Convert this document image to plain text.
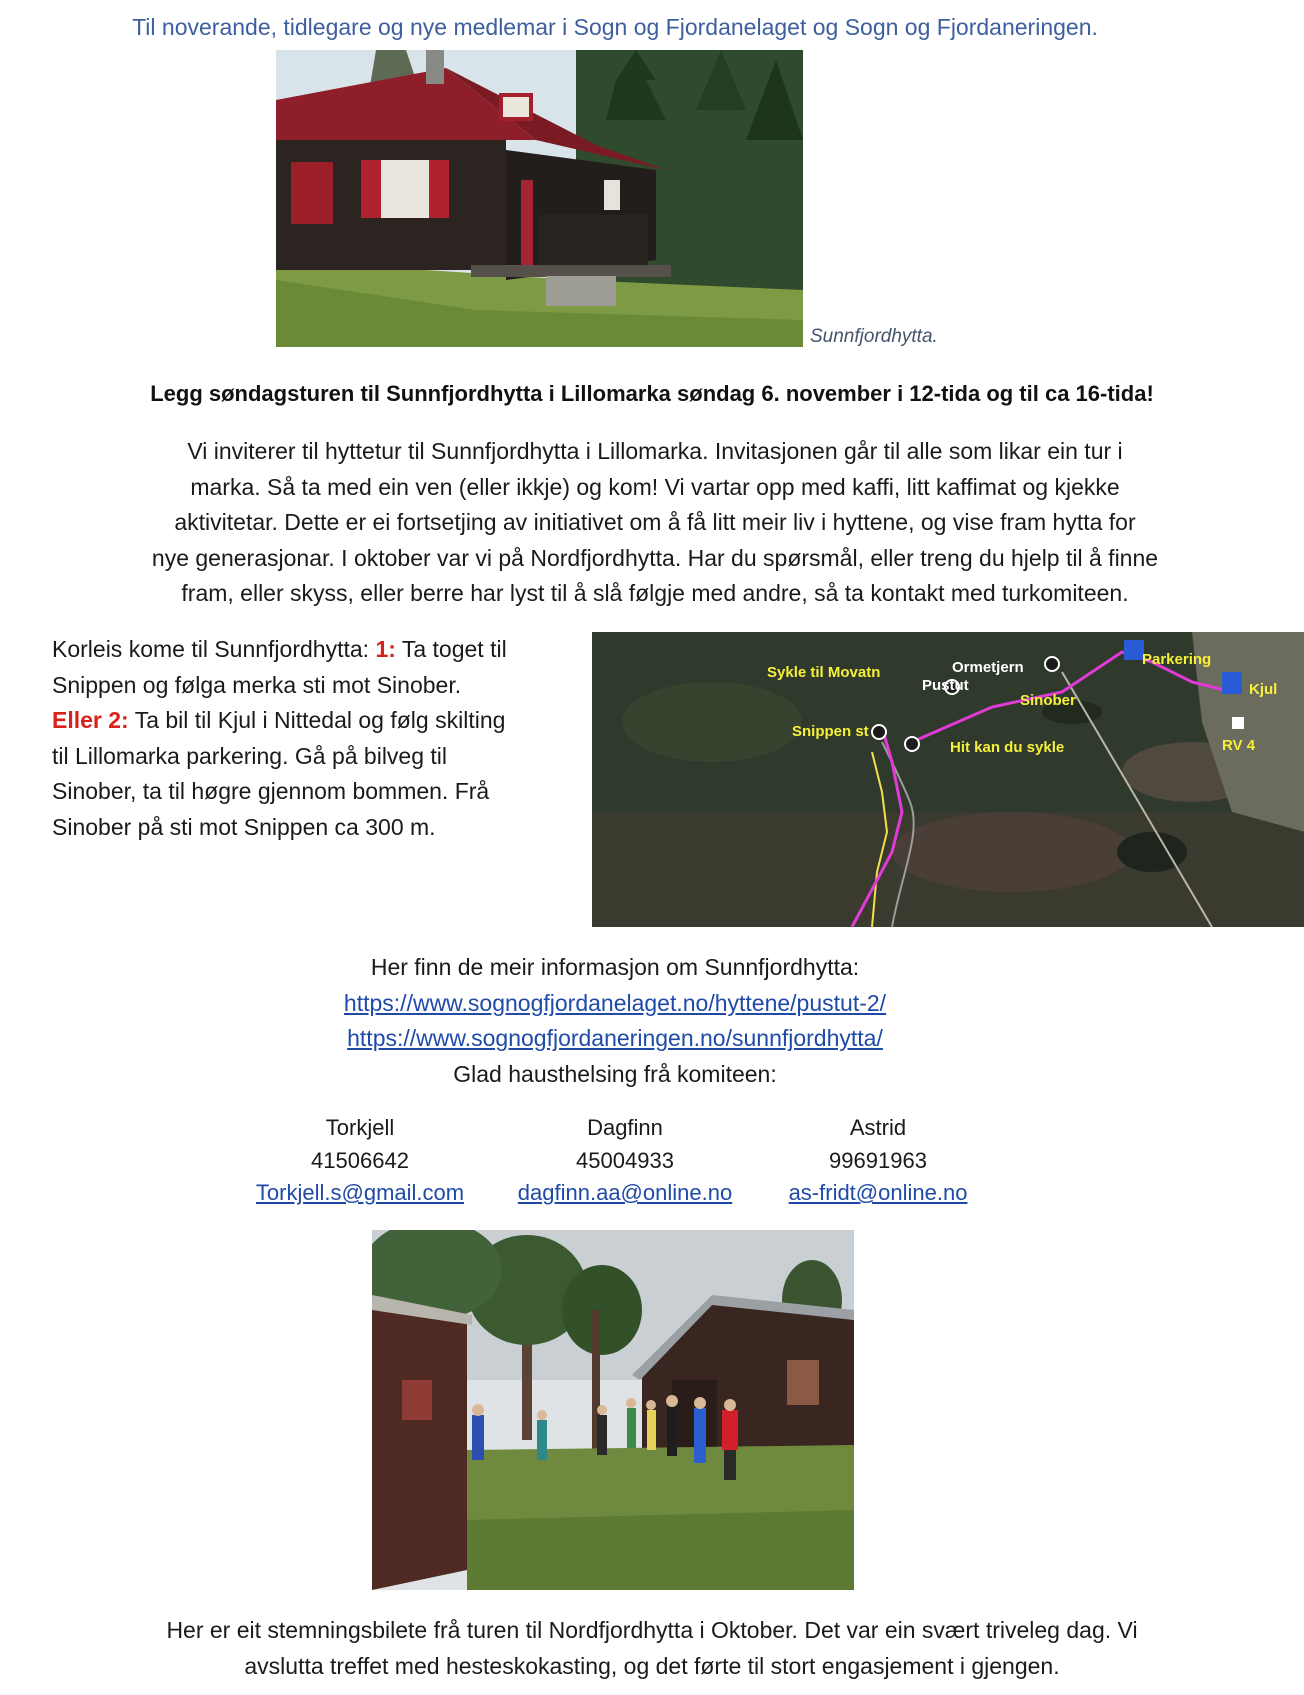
Til noverande, tidlegare og nye medlemar i Sogn og Fjordanelaget og Sogn og Fjordaneringen.
Sunnfjordhytta.
Legg søndagsturen til Sunnfjordhytta i Lillomarka søndag 6. november i 12-tida og til ca 16-tida!
Vi inviterer til hyttetur til Sunnfjordhytta i Lillomarka. Invitasjonen går til alle som likar ein tur i
marka. Så ta med ein ven (eller ikkje) og kom! Vi vartar opp med kaffi, litt kaffimat og kjekke
aktivitetar. Dette er ei fortsetjing av initiativet om å få litt meir liv i hyttene, og vise fram hytta for
nye generasjonar. I oktober var vi på Nordfjordhytta. Har du spørsmål, eller treng du hjelp til å finne
fram, eller skyss, eller berre har lyst til å slå følgje med andre, så ta kontakt med turkomiteen.
Korleis kome til Sunnfjordhytta: 1: Ta toget til Snippen og følga merka sti mot Sinober. Eller 2: Ta bil til Kjul i Nittedal og følg skilting til Lillomarka parkering. Gå på bilveg til Sinober, ta til høgre gjennom bommen. Frå Sinober på sti mot Snippen ca 300 m.
Sykle til Movatn	Ormetjern
Pustut
Sinober
Parkering
Kjul
Snippen st
Hit kan du sykle	RV 4
Her finn de meir informasjon om Sunnfjordhytta:
https://www.sognogfjordanelaget.no/hyttene/pustut-2/
https://www.sognogfjordaneringen.no/sunnfjordhytta/
Glad hausthelsing frå komiteen:
Torkjell
41506642
Torkjell.s@gmail.com
Dagfinn
45004933
dagfinn.aa@online.no
Astrid
99691963
as-fridt@online.no
Her er eit stemningsbilete frå turen til Nordfjordhytta i Oktober. Det var ein svært triveleg dag. Vi
avslutta treffet med hesteskokasting, og det førte til stort engasjement i gjengen.
